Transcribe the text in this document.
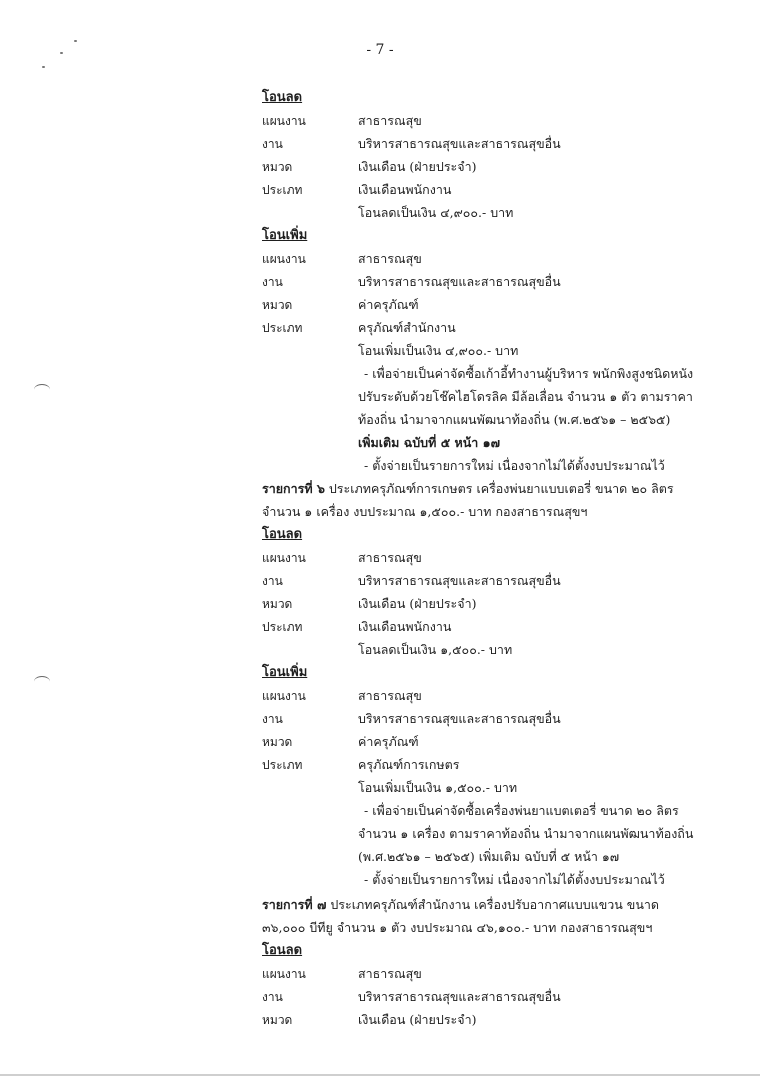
- 7 -
โอนลด
แผนงาน	สาธารณสุข
งาน	บริหารสาธารณสุขและสาธารณสุขอื่น
หมวด	เงินเดือน (ฝ่ายประจำ)
ประเภท	เงินเดือนพนักงาน
โอนลดเป็นเงิน ๔,๙๐๐.- บาท
โอนเพิ่ม
แผนงาน	สาธารณสุข
งาน	บริหารสาธารณสุขและสาธารณสุขอื่น
หมวด	ค่าครุภัณฑ์
ประเภท	ครุภัณฑ์สำนักงาน
โอนเพิ่มเป็นเงิน ๔,๙๐๐.- บาท
- เพื่อจ่ายเป็นค่าจัดซื้อเก้าอี้ทำงานผู้บริหาร พนักพิงสูงชนิดหนัง
ปรับระดับด้วยโช๊คไฮโดรลิค มีล้อเลื่อน จำนวน ๑ ตัว ตามราคา
ท้องถิ่น นำมาจากแผนพัฒนาท้องถิ่น (พ.ศ.๒๕๖๑ – ๒๕๖๕)
เพิ่มเติม ฉบับที่ ๕ หน้า ๑๗
- ตั้งจ่ายเป็นรายการใหม่ เนื่องจากไม่ได้ตั้งงบประมาณไว้
รายการที่ ๖ ประเภทครุภัณฑ์การเกษตร เครื่องพ่นยาแบบเตอรี่ ขนาด ๒๐ ลิตร
จำนวน ๑ เครื่อง งบประมาณ ๑,๕๐๐.- บาท กองสาธารณสุขฯ
โอนลด
แผนงาน	สาธารณสุข
งาน	บริหารสาธารณสุขและสาธารณสุขอื่น
หมวด	เงินเดือน (ฝ่ายประจำ)
ประเภท	เงินเดือนพนักงาน
โอนลดเป็นเงิน ๑,๕๐๐.- บาท
โอนเพิ่ม
แผนงาน	สาธารณสุข
งาน	บริหารสาธารณสุขและสาธารณสุขอื่น
หมวด	ค่าครุภัณฑ์
ประเภท	ครุภัณฑ์การเกษตร
โอนเพิ่มเป็นเงิน ๑,๕๐๐.- บาท
- เพื่อจ่ายเป็นค่าจัดซื้อเครื่องพ่นยาแบตเตอรี่ ขนาด ๒๐ ลิตร
จำนวน ๑ เครื่อง ตามราคาท้องถิ่น นำมาจากแผนพัฒนาท้องถิ่น
(พ.ศ.๒๕๖๑ – ๒๕๖๕) เพิ่มเติม ฉบับที่ ๕ หน้า ๑๗
- ตั้งจ่ายเป็นรายการใหม่ เนื่องจากไม่ได้ตั้งงบประมาณไว้
รายการที่ ๗ ประเภทครุภัณฑ์สำนักงาน เครื่องปรับอากาศแบบแขวน ขนาด
๓๖,๐๐๐ บีทียู จำนวน ๑ ตัว งบประมาณ ๔๖,๑๐๐.- บาท กองสาธารณสุขฯ
โอนลด
แผนงาน	สาธารณสุข
งาน	บริหารสาธารณสุขและสาธารณสุขอื่น
หมวด	เงินเดือน (ฝ่ายประจำ)
